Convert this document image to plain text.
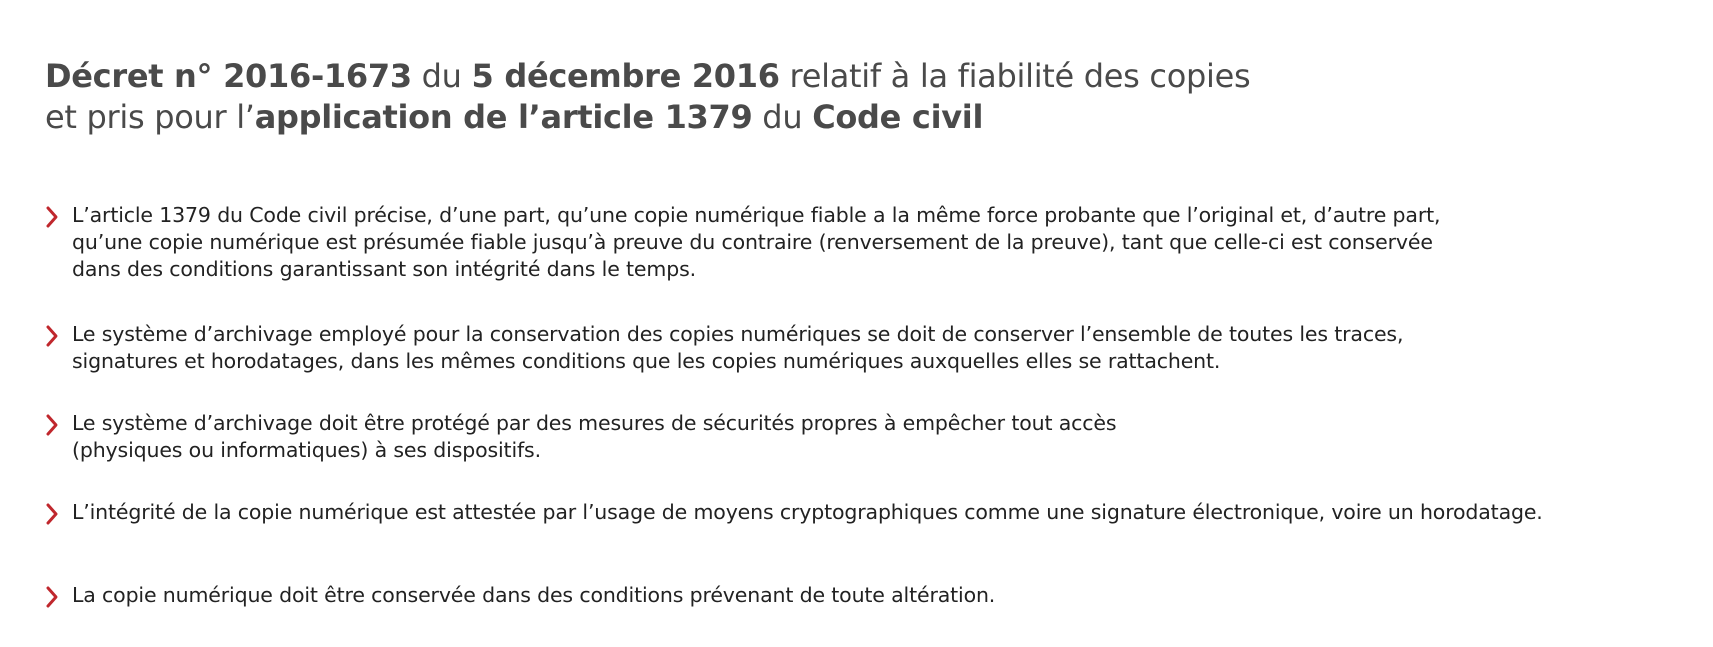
Décret n° 2016-1673 du 5 décembre 2016 relatif à la fiabilité des copies
et pris pour l’application de l’article 1379 du Code civil
L’article 1379 du Code civil précise, d’une part, qu’une copie numérique fiable a la même force probante que l’original et, d’autre part,
qu’une copie numérique est présumée fiable jusqu’à preuve du contraire (renversement de la preuve), tant que celle-ci est conservée
dans des conditions garantissant son intégrité dans le temps.
Le système d’archivage employé pour la conservation des copies numériques se doit de conserver l’ensemble de toutes les traces,
signatures et horodatages, dans les mêmes conditions que les copies numériques auxquelles elles se rattachent.
Le système d’archivage doit être protégé par des mesures de sécurités propres à empêcher tout accès
(physiques ou informatiques) à ses dispositifs.
L’intégrité de la copie numérique est attestée par l’usage de moyens cryptographiques comme une signature électronique, voire un horodatage.
La copie numérique doit être conservée dans des conditions prévenant de toute altération.
